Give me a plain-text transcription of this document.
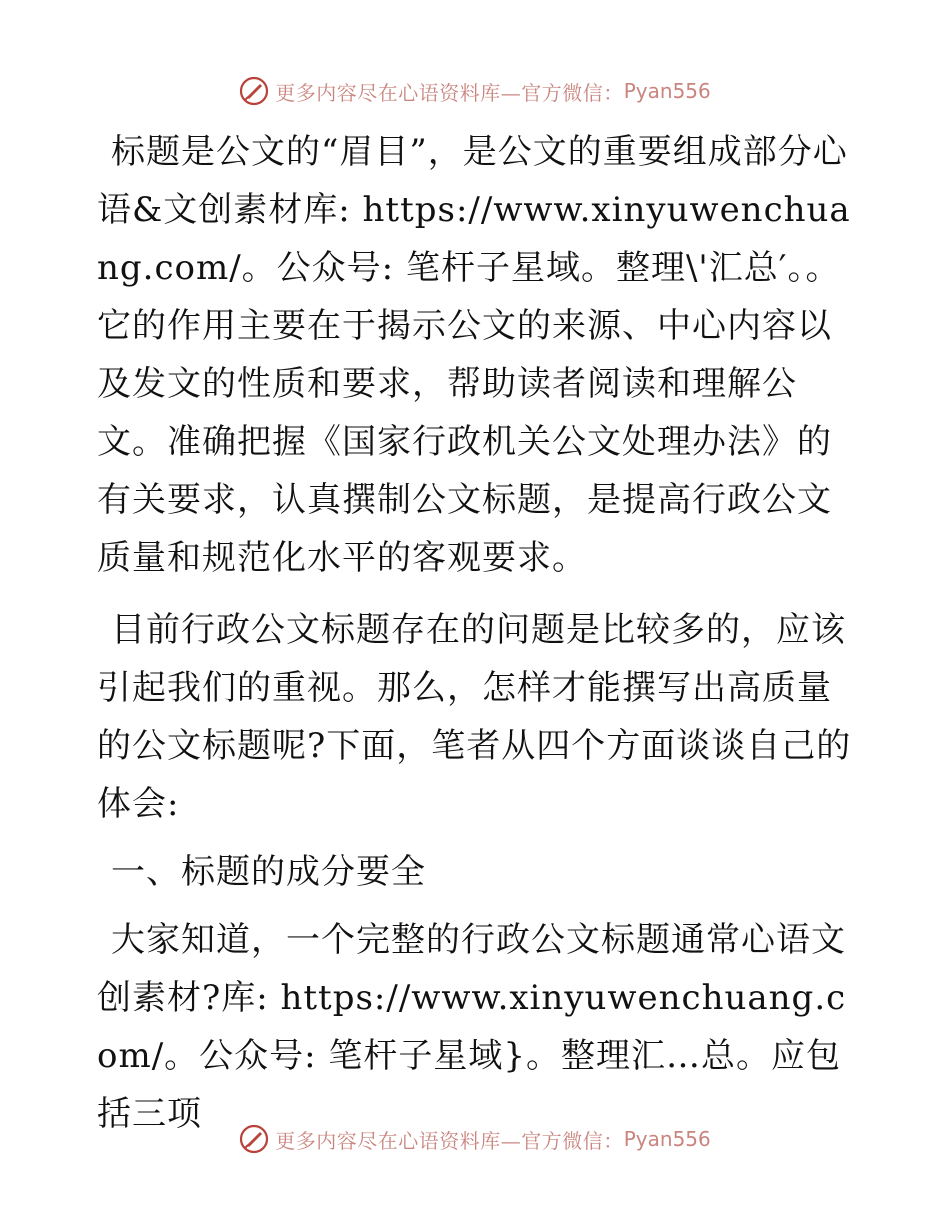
更多内容尽在心语资料库—官方微信： Pyan556

标题是公文的“眉目”，是公文的重要组成部分心语&文创素材库: https://www.xinyuwenchuang.com/。公众号: 笔杆子星域。整理\'汇总′。。它的作用主要在于揭示公文的来源、中心内容以及发文的性质和要求，帮助读者阅读和理解公文。准确把握《国家行政机关公文处理办法》的有关要求，认真撰制公文标题，是提高行政公文质量和规范化水平的客观要求。

目前行政公文标题存在的问题是比较多的，应该引起我们的重视。那么，怎样才能撰写出高质量的公文标题呢?下面，笔者从四个方面谈谈自己的体会:

一、标题的成分要全

大家知道，一个完整的行政公文标题通常心语文创素材?库: https://www.xinyuwenchuang.com/。公众号: 笔杆子星域}。整理汇…总。应包括三项

更多内容尽在心语资料库—官方微信： Pyan556
